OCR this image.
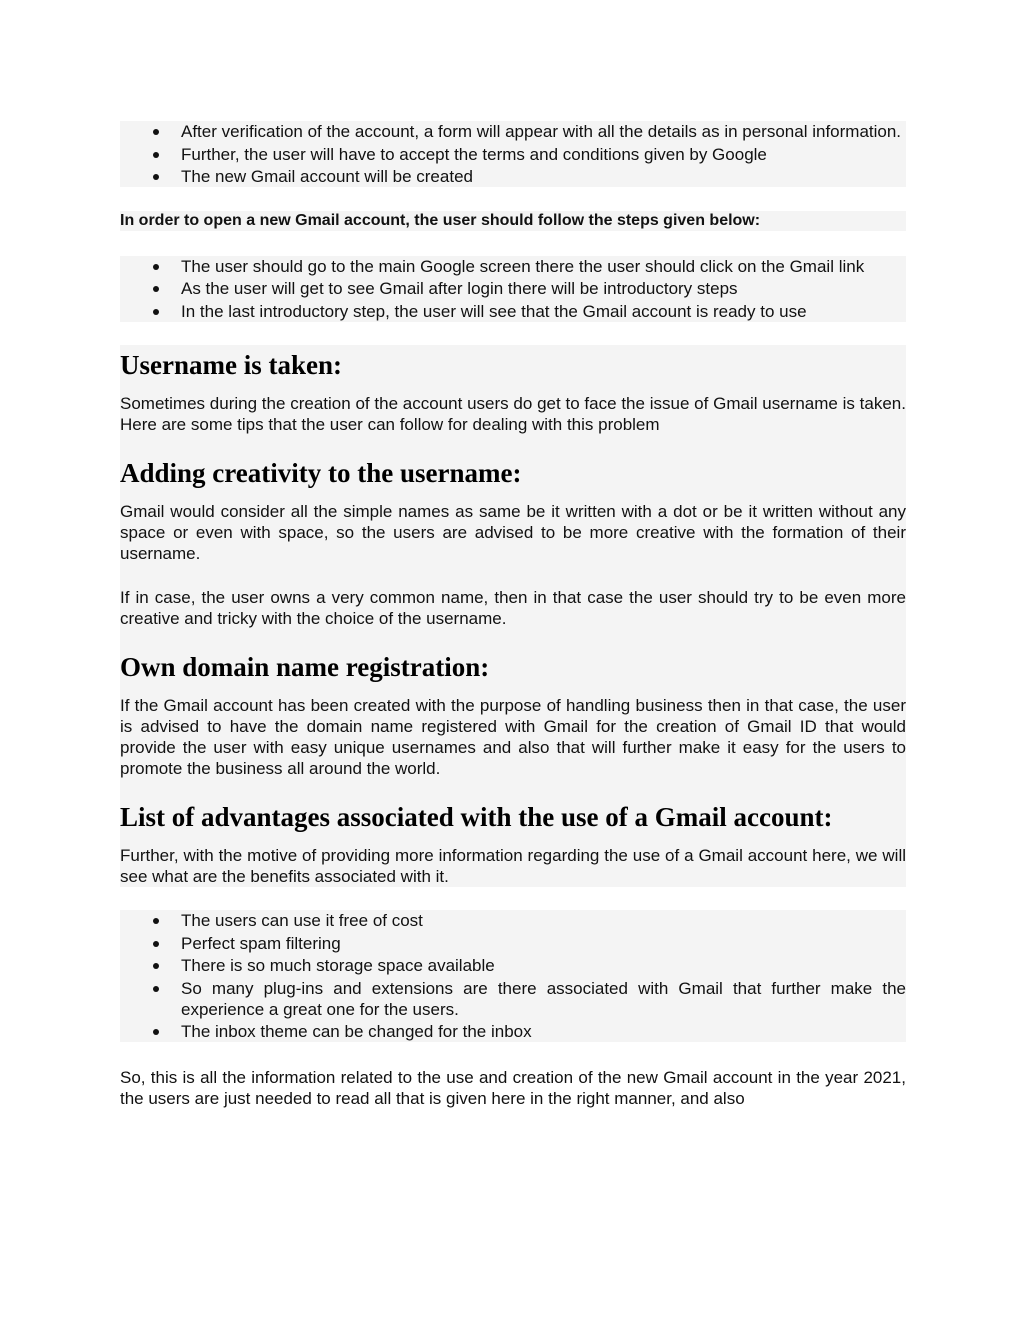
After verification of the account, a form will appear with all the details as in personal information.
Further, the user will have to accept the terms and conditions given by Google
The new Gmail account will be created

In order to open a new Gmail account, the user should follow the steps given below:

The user should go to the main Google screen there the user should click on the Gmail link
As the user will get to see Gmail after login there will be introductory steps
In the last introductory step, the user will see that the Gmail account is ready to use
Username is taken:

Sometimes during the creation of the account users do get to face the issue of Gmail username is taken. Here are some tips that the user can follow for dealing with this problem

Adding creativity to the username:

Gmail would consider all the simple names as same be it written with a dot or be it written without any space or even with space, so the users are advised to be more creative with the formation of their username.

If in case, the user owns a very common name, then in that case the user should try to be even more creative and tricky with the choice of the username.

Own domain name registration:

If the Gmail account has been created with the purpose of handling business then in that case, the user is advised to have the domain name registered with Gmail for the creation of Gmail ID that would provide the user with easy unique usernames and also that will further make it easy for the users to promote the business all around the world.

List of advantages associated with the use of a Gmail account:

Further, with the motive of providing more information regarding the use of a Gmail account here, we will see what are the benefits associated with it.

The users can use it free of cost
Perfect spam filtering
There is so much storage space available
So many plug-ins and extensions are there associated with Gmail that further make the experience a great one for the users.
The inbox theme can be changed for the inbox

So, this is all the information related to the use and creation of the new Gmail account in the year 2021, the users are just needed to read all that is given here in the right manner, and also
